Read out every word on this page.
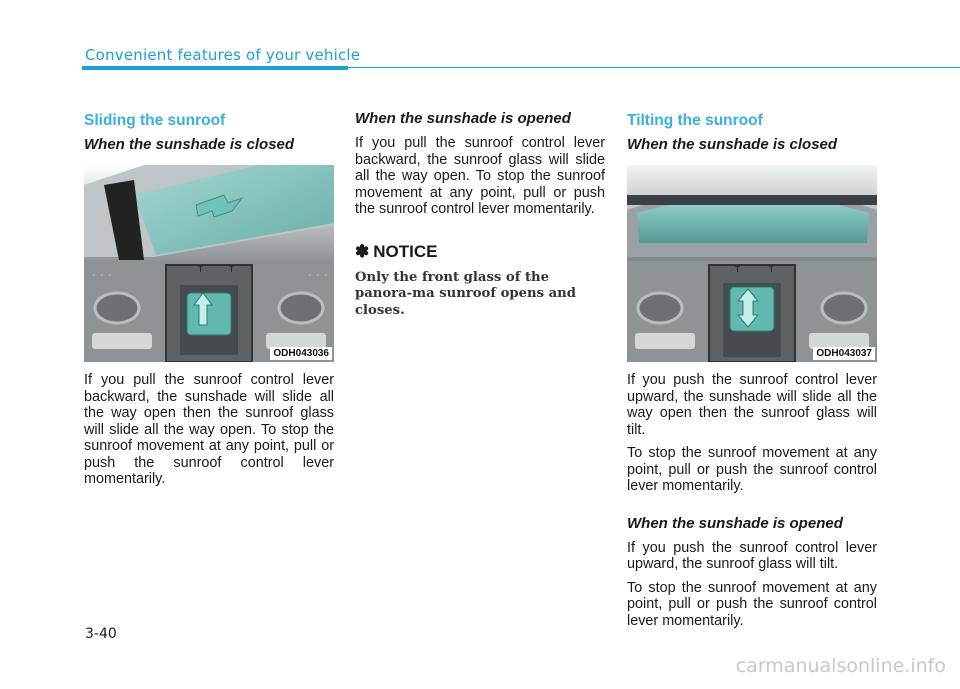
Convenient features of your vehicle
Sliding the sunroof
When the sunshade is closed
T	T
ODH043036

If you pull the sunroof control lever backward, the sunshade will slide all the way open then the sunroof glass will slide all the way open. To stop the sunroof movement at any point, pull or push the sunroof control lever momentarily.

When the sunshade is opened

If you pull the sunroof control lever backward, the sunroof glass will slide all the way open. To stop the sunroof movement at any point, pull or push the sunroof control lever momentarily.

✽ NOTICE
Only the front glass of the panora-ma sunroof opens and closes.
Tilting the sunroof
When the sunshade is closed
T	T
ODH043037

If you push the sunroof control lever upward, the sunshade will slide all the way open then the sunroof glass will tilt.

To stop the sunroof movement at any point, pull or push the sunroof control lever momentarily.

When the sunshade is opened

If you push the sunroof control lever upward, the sunroof glass will tilt.

To stop the sunroof movement at any point, pull or push the sunroof control lever momentarily.

3-40
carmanualsonline.info
